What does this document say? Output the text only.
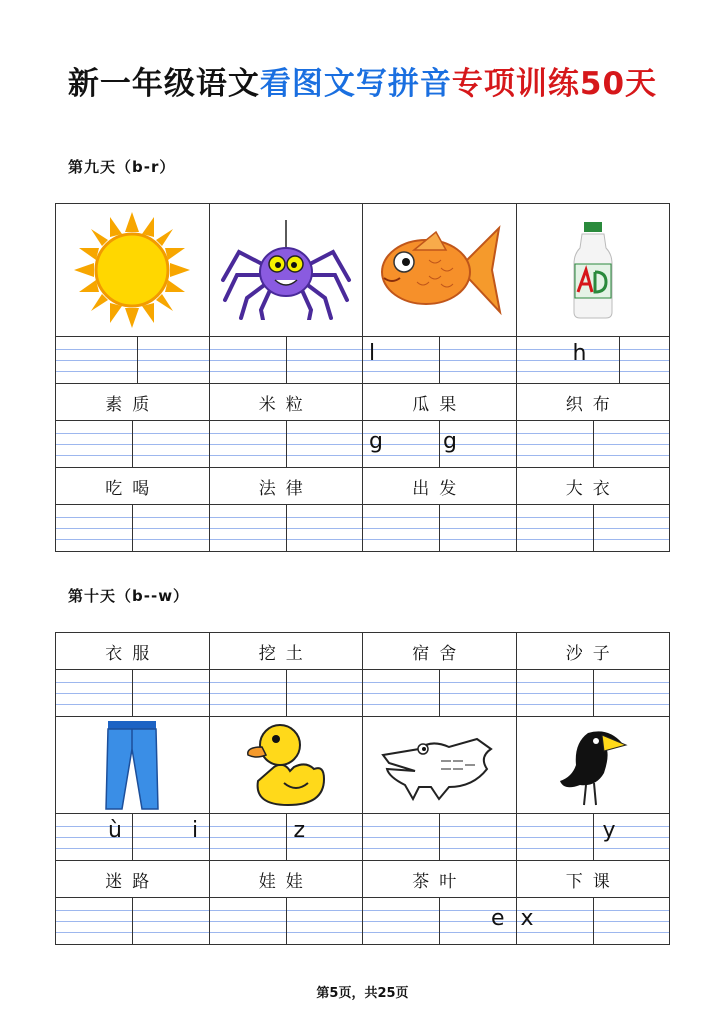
新一年级语文看图文写拼音专项训练50天
第九天（b-r）

		l	h

素质	米粒	瓜果	织布

		g g	

吃喝	法律	出发	大衣

第十天（b--w）
衣服	挖土	宿舍	沙子

ù i	z		y

迷路	娃娃	茶叶	下课

		e	x
第5页，共25页
